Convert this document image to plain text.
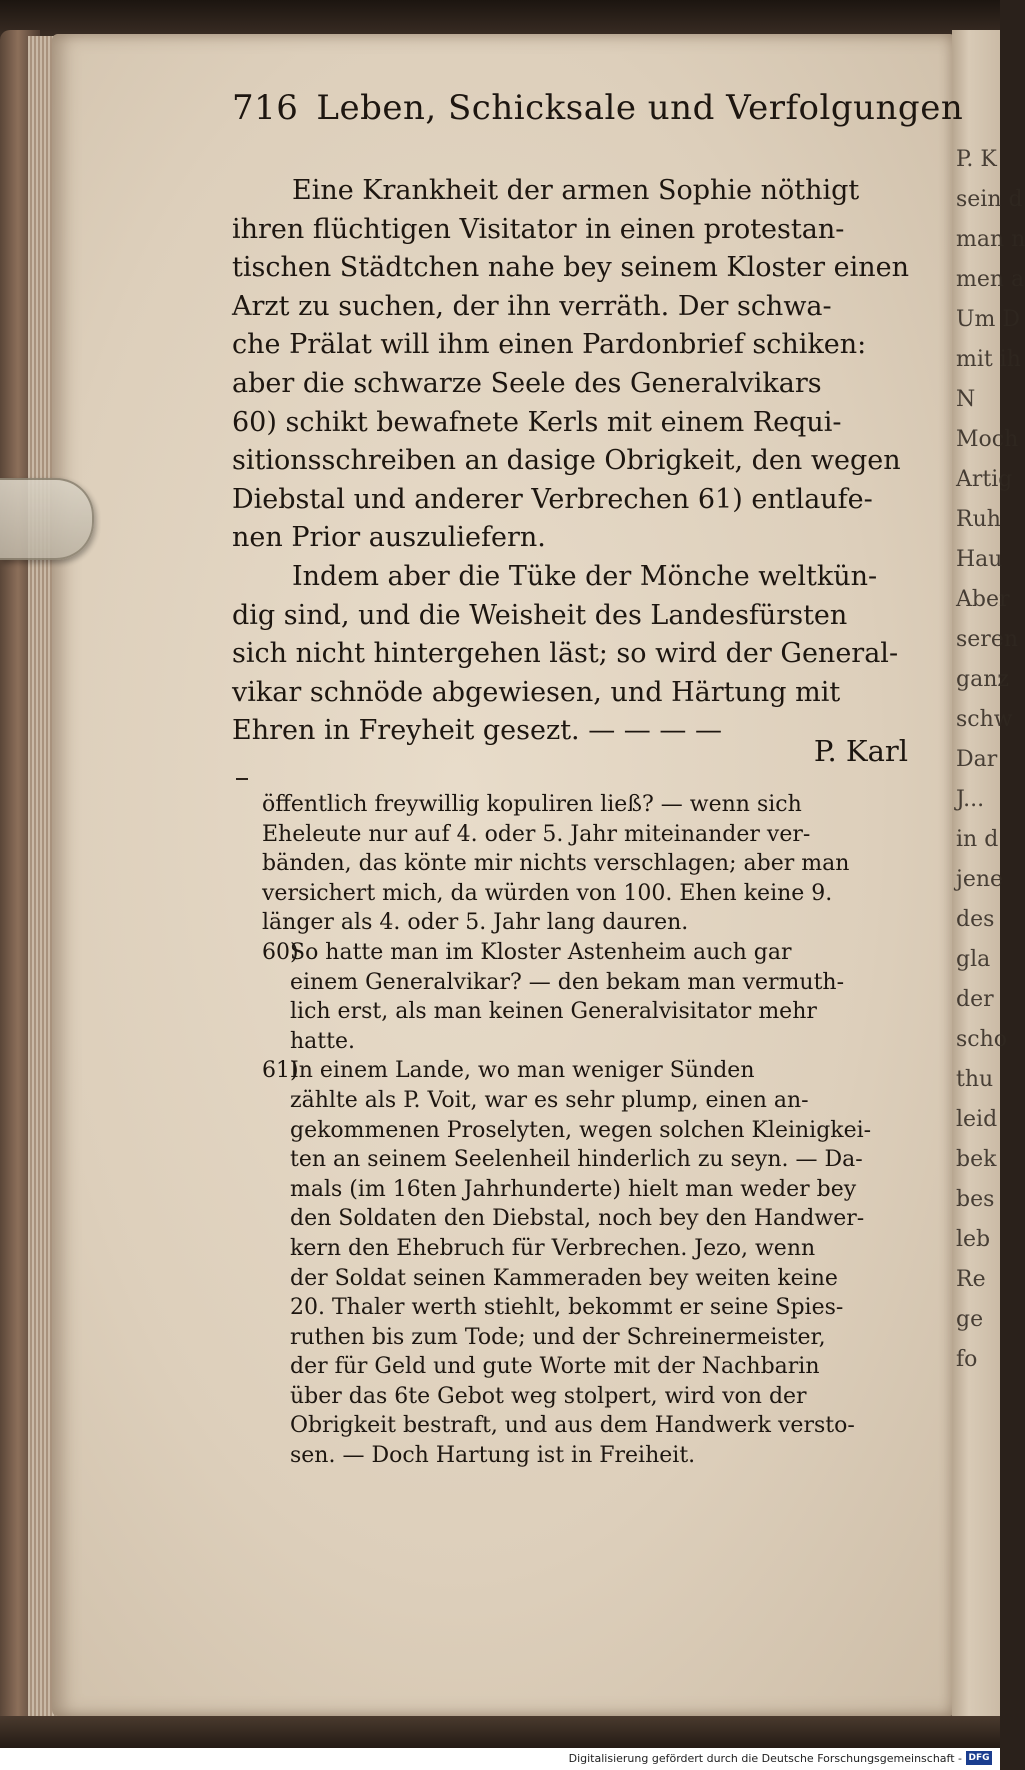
P. K
sein d
man n
men a
Um D
mit ih
N
Moch
Artig
Ruh
Hau
Aber
seren
ganz
schw
Dar
J...
in d
jene
des
gla
der
scho
thu
leid
bek
bes
leb
Re
ge
fo
716 Leben, Schicksale und Verfolgungen
Eine Krankheit der armen Sophie nöthigt
ihren flüchtigen Visitator in einen protestan-
tischen Städtchen nahe bey seinem Kloster einen
Arzt zu suchen, der ihn verräth. Der schwa-
che Prälat will ihm einen Pardonbrief schiken:
aber die schwarze Seele des Generalvikars
60) schikt bewafnete Kerls mit einem Requi-
sitionsschreiben an dasige Obrigkeit, den wegen
Diebstal und anderer Verbrechen 61) entlaufe-
nen Prior auszuliefern.
Indem aber die Tüke der Mönche weltkün-
dig sind, und die Weisheit des Landesfürsten
sich nicht hintergehen läst; so wird der General-
vikar schnöde abgewiesen, und Härtung mit
Ehren in Freyheit gesezt. — — — —
P. Karl
öffentlich freywillig kopuliren ließ? — wenn sich
Eheleute nur auf 4. oder 5. Jahr miteinander ver-
bänden, das könte mir nichts verschlagen; aber man
versichert mich, da würden von 100. Ehen keine 9.
länger als 4. oder 5. Jahr lang dauren.
60)So hatte man im Kloster Astenheim auch gar
einem Generalvikar? — den bekam man vermuth-
lich erst, als man keinen Generalvisitator mehr
hatte.
61)In einem Lande, wo man weniger Sünden
zählte als P. Voit, war es sehr plump, einen an-
gekommenen Proselyten, wegen solchen Kleinigkei-
ten an seinem Seelenheil hinderlich zu seyn. — Da-
mals (im 16ten Jahrhunderte) hielt man weder bey
den Soldaten den Diebstal, noch bey den Handwer-
kern den Ehebruch für Verbrechen. Jezo, wenn
der Soldat seinen Kammeraden bey weiten keine
20. Thaler werth stiehlt, bekommt er seine Spies-
ruthen bis zum Tode; und der Schreinermeister,
der für Geld und gute Worte mit der Nachbarin
über das 6te Gebot weg stolpert, wird von der
Obrigkeit bestraft, und aus dem Handwerk versto-
sen. — Doch Hartung ist in Freiheit.
Digitalisierung gefördert durch die Deutsche Forschungsgemeinschaft - DFG
